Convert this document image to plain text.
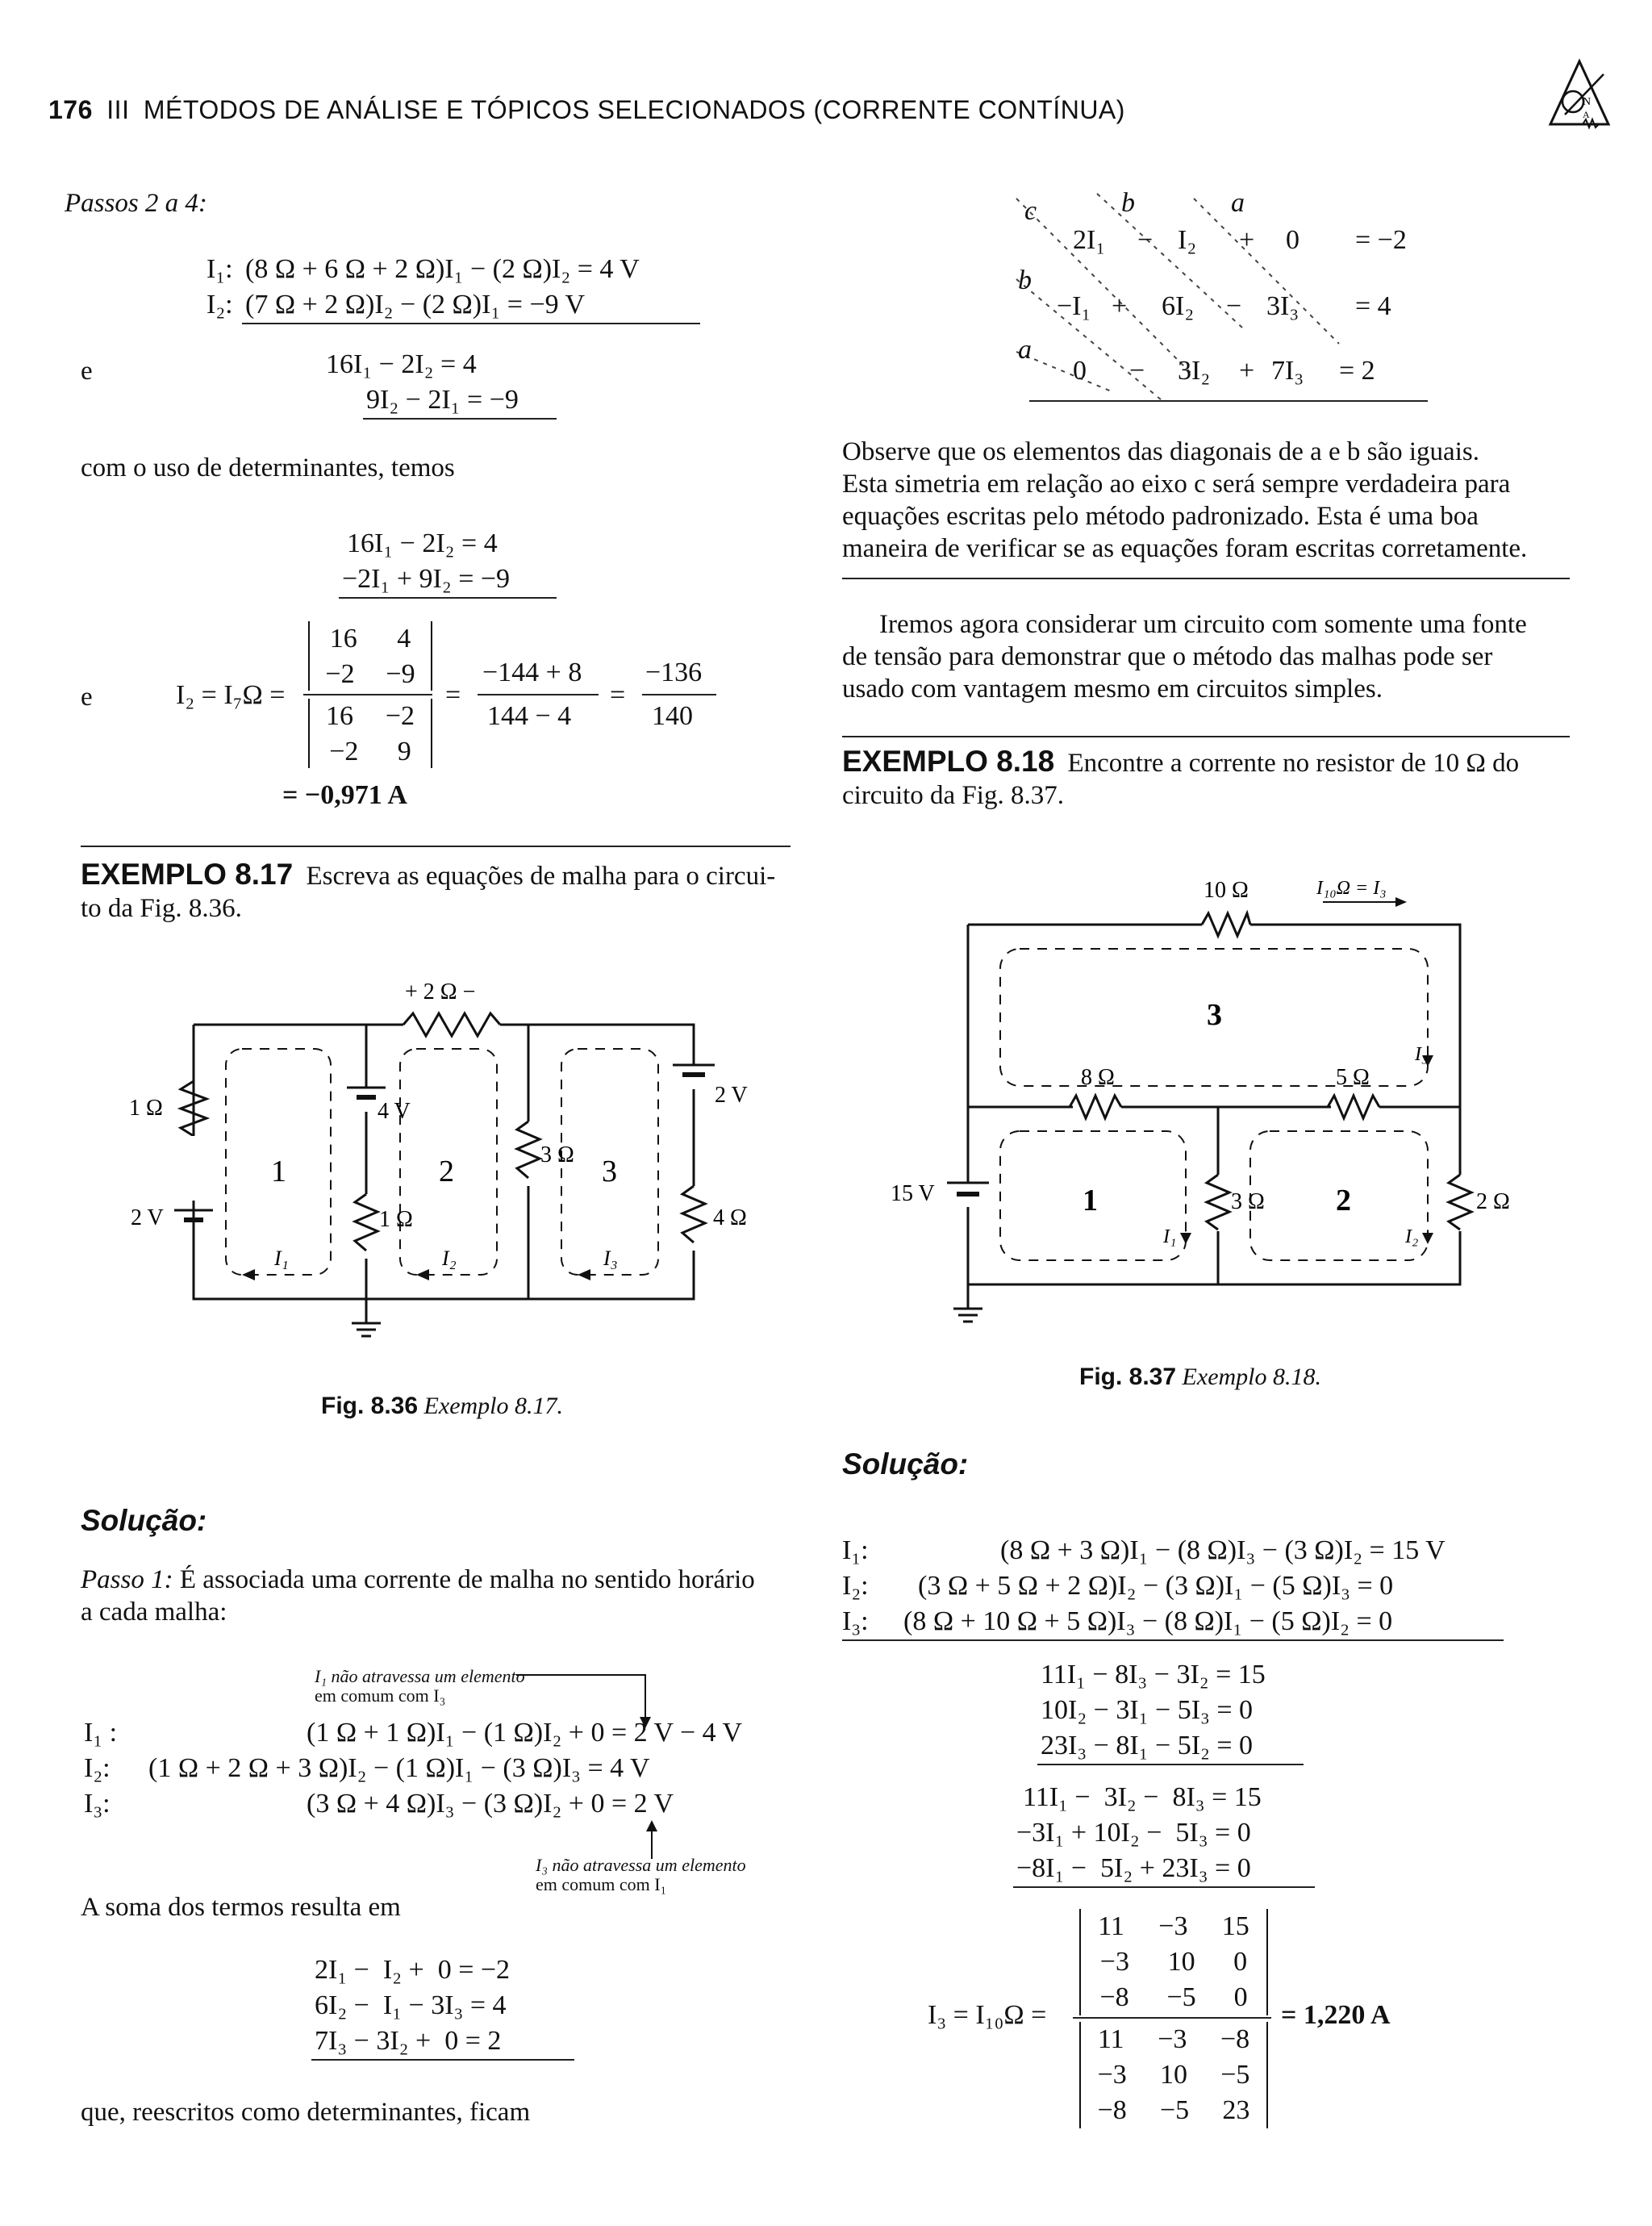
176 III MÉTODOS DE ANÁLISE E TÓPICOS SELECIONADOS (CORRENTE CONTÍNUA)	N
A
Passos 2 a 4:
I₁: (8 Ω + 6 Ω + 2 Ω)I₁ − (2 Ω)I₂ = 4 V
I₂: (7 Ω + 2 Ω)I₂ − (2 Ω)I₁ = −9 V
e	16I₁ − 2I₂ = 4
9I₂ − 2I₁ = −9
com o uso de determinantes, temos
16I₁ − 2I₂ = 4
−2I₁ + 9I₂ = −9
e	I₂ = I₇Ω =
16 4
−2 −9
16 −2
−2 9
=
−144 + 8
144 − 4
=
−136
140
= −0,971 A
EXEMPLO 8.17 Escreva as equações de malha para o circui-
to da Fig. 8.36.
1	2	3
I₁	I₂	I₃
+ 2 Ω −
1 Ω
2 V
4 V
1 Ω
3 Ω
2 V
4 Ω
Fig. 8.36 Exemplo 8.17.
Solução:
Passo 1: É associada uma corrente de malha no sentido horário
a cada malha:
I₁ não atravessa um elemento
em comum com I₃
I₁ :	(1 Ω + 1 Ω)I₁ − (1 Ω)I₂ + 0 = 2 V − 4 V
I₂: (1 Ω + 2 Ω + 3 Ω)I₂ − (1 Ω)I₁ − (3 Ω)I₃ = 4 V
I₃:	(3 Ω + 4 Ω)I₃ − (3 Ω)I₂ + 0 = 2 V
I₃ não atravessa um elemento
em comum com I₁
A soma dos termos resulta em
2I₁ −  I₂ +  0 = −2
6I₂ −  I₁ − 3I₃ = 4
7I₃ − 3I₂ +  0 = 2
que, reescritos como determinantes, ficam
c	b	a
b
a
2I₁ − I₂ + 0 = −2
−I₁ + 6I₂ − 3I₃ = 4
0 − 3I₂ + 7I₃ = 2
Observe que os elementos das diagonais de a e b são iguais.
Esta simetria em relação ao eixo c será sempre verdadeira para
equações escritas pelo método padronizado. Esta é uma boa
maneira de verificar se as equações foram escritas corretamente.
Iremos agora considerar um circuito com somente uma fonte
de tensão para demonstrar que o método das malhas pode ser
usado com vantagem mesmo em circuitos simples.
EXEMPLO 8.18 Encontre a corrente no resistor de 10 Ω do
circuito da Fig. 8.37.
10 Ω	I₁₀Ω = I₃
8 Ω	5 Ω
3 Ω	2 Ω
15 V
3
1	2
I₃
I₁	I₂
Fig. 8.37 Exemplo 8.18.
Solução:
I₁:	(8 Ω + 3 Ω)I₁ − (8 Ω)I₃ − (3 Ω)I₂ = 15 V
I₂: (3 Ω + 5 Ω + 2 Ω)I₂ − (3 Ω)I₁ − (5 Ω)I₃ = 0
I₃: (8 Ω + 10 Ω + 5 Ω)I₃ − (8 Ω)I₁ − (5 Ω)I₂ = 0
11I₁ − 8I₃ − 3I₂ = 15
10I₂ − 3I₁ − 5I₃ = 0
23I₃ − 8I₁ − 5I₂ = 0
11I₁ −  3I₂ −  8I₃ = 15
−3I₁ + 10I₂ −  5I₃ = 0
−8I₁ −  5I₂ + 23I₃ = 0
I₃ = I₁₀Ω =
11 −3 15
−3 10 0
−8 −5 0
11 −3 −8
−3 10 −5
−8 −5 23
= 1,220 A
